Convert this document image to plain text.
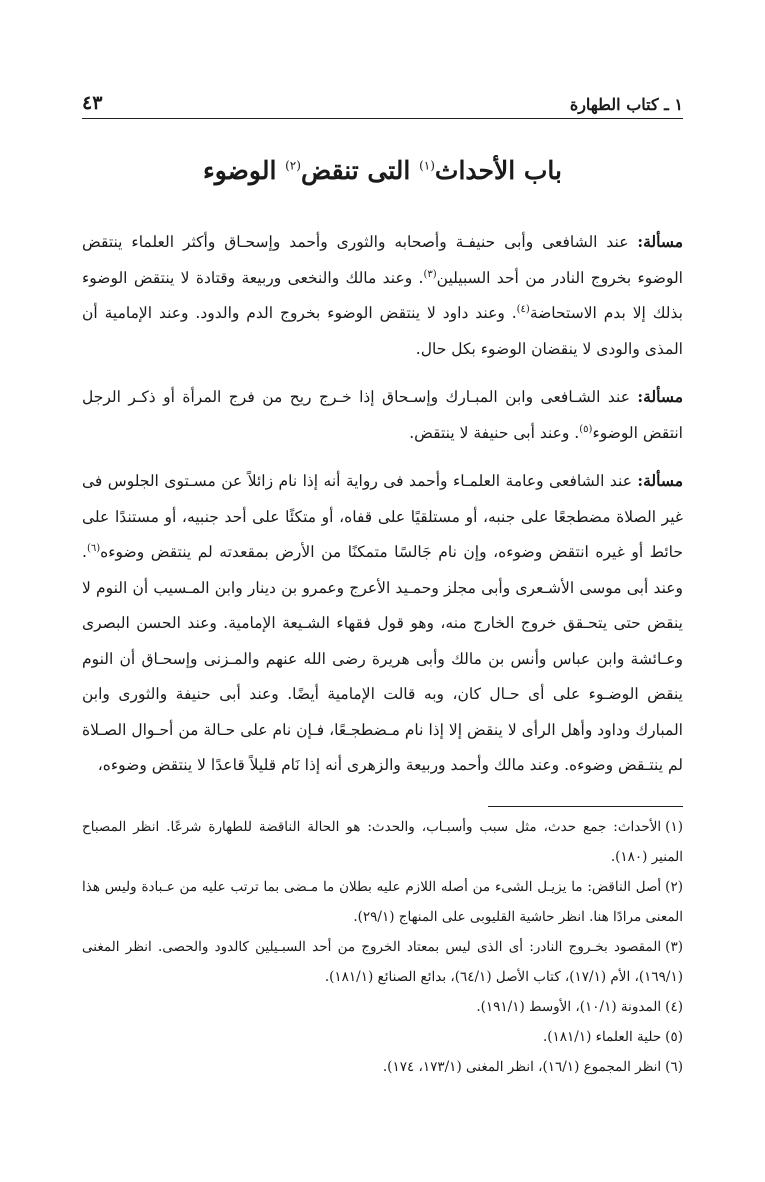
١ ـ كتاب الطهارة
٤٣
باب الأحداث$^{(١)}$ التى تنقض$^{(٢)}$ الوضوء

مسألة: عند الشافعى وأبى حنيفـة وأصحابه والثورى وأحمد وإسحـاق وأكثر العلماء ينتقض الوضوء بخروج النادر من أحد السبيلين$^{(٣)}$. وعند مالك والنخعى وربيعة وقتادة لا ينتقض الوضوء بذلك إلا بدم الاستحاضة$^{(٤)}$. وعند داود لا ينتقض الوضوء بخروج الدم والدود. وعند الإمامية أن المذى والودى لا ينقضان الوضوء بكل حال.

مسألة: عند الشـافعى وابن المبـارك وإسـحاق إذا خـرج ريح من فرج المرأة أو ذكـر الرجل انتقض الوضوء$^{(٥)}$. وعند أبى حنيفة لا ينتقض.

مسألة: عند الشافعى وعامة العلمـاء وأحمد فى رواية أنه إذا نام زائلاً عن مسـتوى الجلوس فى غير الصلاة مضطجعًا على جنبه، أو مستلقيًا على قفاه، أو متكئًا على أحد جنبيه، أو مستندًا على حائط أو غيره انتقض وضوءه، وإن نام جَالسًا متمكنًا من الأرض بمقعدته لم ينتقض وضوءه$^{(٦)}$. وعند أبى موسى الأشـعرى وأبى مجلز وحمـيد الأعرج وعمرو بن دينار وابن المـسيب أن النوم لا ينقض حتى يتحـقق خروج الخارج منه، وهو قول فقهاء الشـيعة الإمامية. وعند الحسن البصرى وعـائشة وابن عباس وأنس بن مالك وأبى هريرة رضى الله عنهم والمـزنى وإسحـاق أن النوم ينقض الوضـوء على أى حـال كان، وبه قالت الإمامية أيضًا. وعند أبى حنيفة والثورى وابن المبارك وداود وأهل الرأى لا ينقض إلا إذا نام مـضطجـعًا، فـإن نام على حـالة من أحـوال الصـلاة لم ينتـقض وضوءه. وعند مالك وأحمد وربيعة والزهرى أنه إذا نَام قليلاً قاعدًا لا ينتقض وضوءه،

(١)الأحداث: جمع حدث، مثل سبب وأسبـاب، والحدث: هو الحالة الناقضة للطهارة شرعًا. انظر المصباح المنير (١٨٠).

(٢)أصل الناقض: ما يزيـل الشىء من أصله اللازم عليه بطلان ما مـضى بما ترتب عليه من عـبادة وليس هذا المعنى مرادًا هنا. انظر حاشية القليوبى على المنهاج (٢٩/١).

(٣)المقصود بخـروج النادر: أى الذى ليس بمعتاد الخروج من أحد السبـيلين كالدود والحصى. انظر المغنى (١٦٩/١)، الأم (١٧/١)، كتاب الأصل (٦٤/١)، بدائع الصنائع (١٨١/١).

(٤)المدونة (١٠/١)، الأوسط (١٩١/١).

(٥)حلية العلماء (١٨١/١).

(٦)انظر المجموع (١٦/١)، انظر المغنى (١٧٣/١، ١٧٤).
